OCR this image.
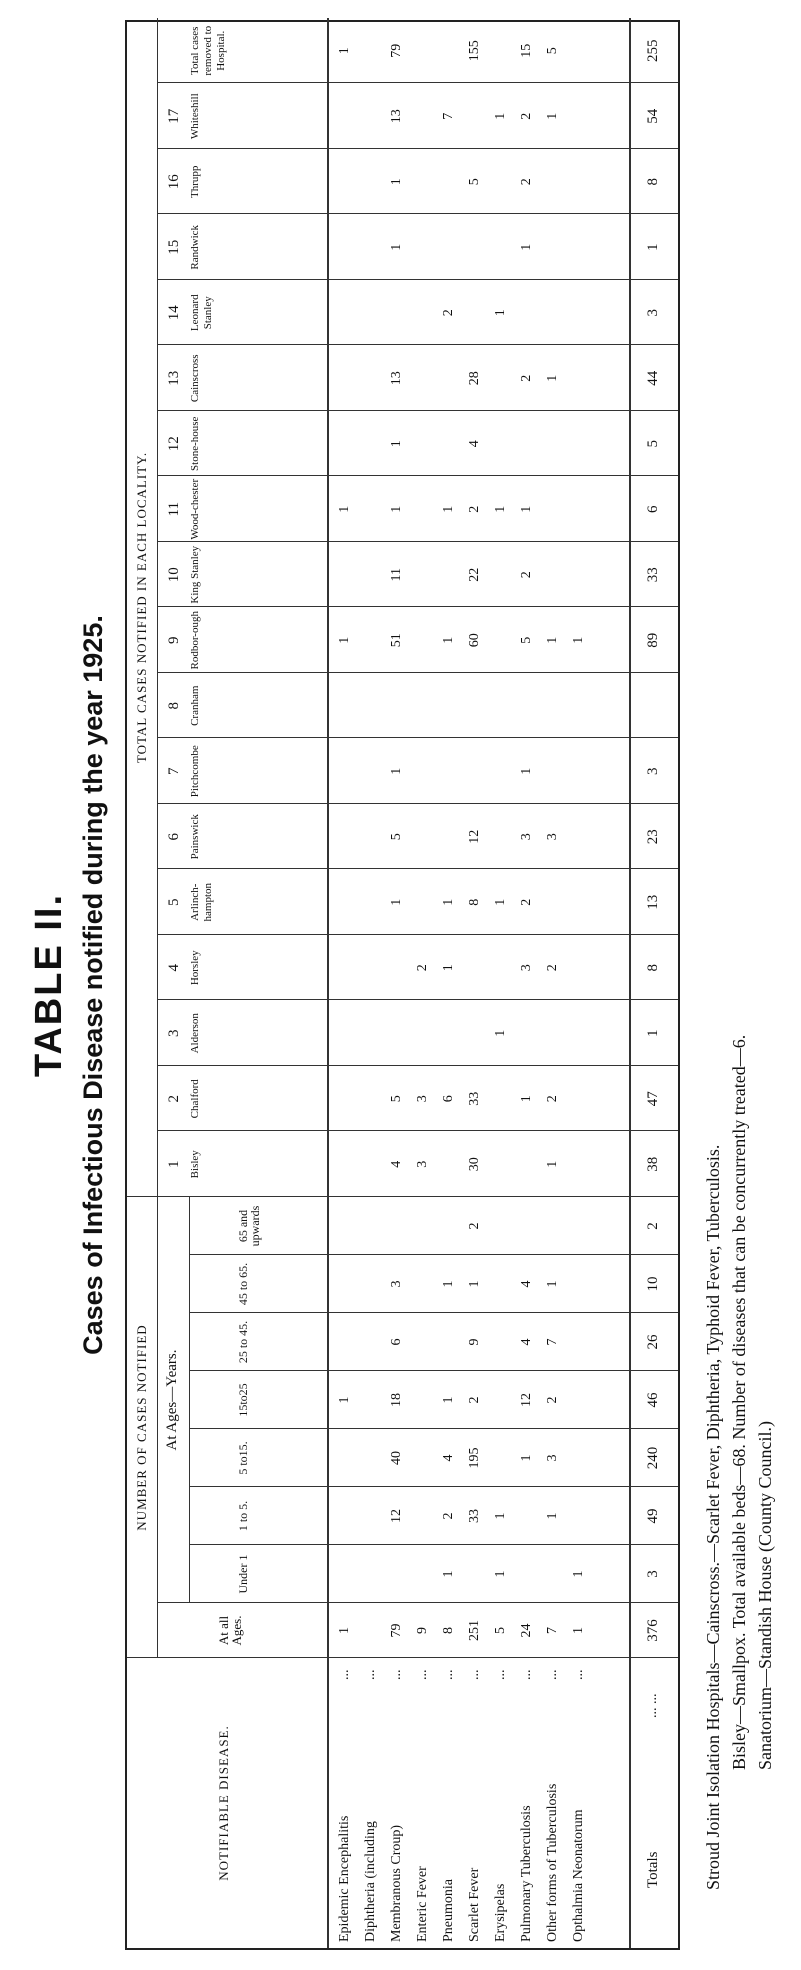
TABLE II. Cases of Infectious Disease notified during the year 1925.
NOTIFIABLE DISEASE.
NUMBER OF CASES NOTIFIED
At all Ages.
At Ages—Years.
Under 1
1 to 5.
5 to15.
15to25
25 to 45.
45 to 65.
65 and upwards
TOTAL CASES NOTIFIED IN EACH LOCALITY.
1 Bisley
2 Chalford
3 Alderson
4 Horsley
5 Arlinch-hampton
6 Painswick
7 Pitchcombe
8 Cranham
9 Rodbor-ough
10 King Stanley
11 Wood-chester
12 Stone-house
13 Cainscross
14 Leonard Stanley
15 Randwick
16 Thrupp
17 Whiteshill
Total cases removed to Hospital.
Epidemic Encephalitis
...
1
1
1
1
1
Diphtheria (including
...
Membranous Croup)
...
79
12
40
18
6
3
4
5
1
5
1
51
11
1
1
13
1
1
13
79
Enteric Fever
...
9
3
3
2
Pneumonia
...
8
1
2
4
1
1
6
1
1
1
1
2
7
Scarlet Fever
...
251
33
195
2
9
1
2
30
33
8
12
60
22
2
4
28
5
155
Erysipelas
...
5
1
1
1
1
1
1
1
Pulmonary Tuberculosis
...
24
1
12
4
4
1
3
2
3
1
5
2
1
2
1
2
2
15
Other forms of Tuberculosis
...
7
1
3
2
7
1
1
2
2
3
1
1
1
5
Opthalmia Neonatorum
...
1
1
1
Totals
... ...
376
3
49
240
46
26
10
2
38
47
1
8
13
23
3
89
33
6
5
44
3
1
8
54
255
Stroud Joint Isolation Hospitals—Cainscross.—Scarlet Fever, Diphtheria, Typhoid Fever, Tuberculosis. Bisley—Smallpox. Total available beds—68. Number of diseases that can be concurrently treated—6. Sanatorium—Standish House (County Council.)
